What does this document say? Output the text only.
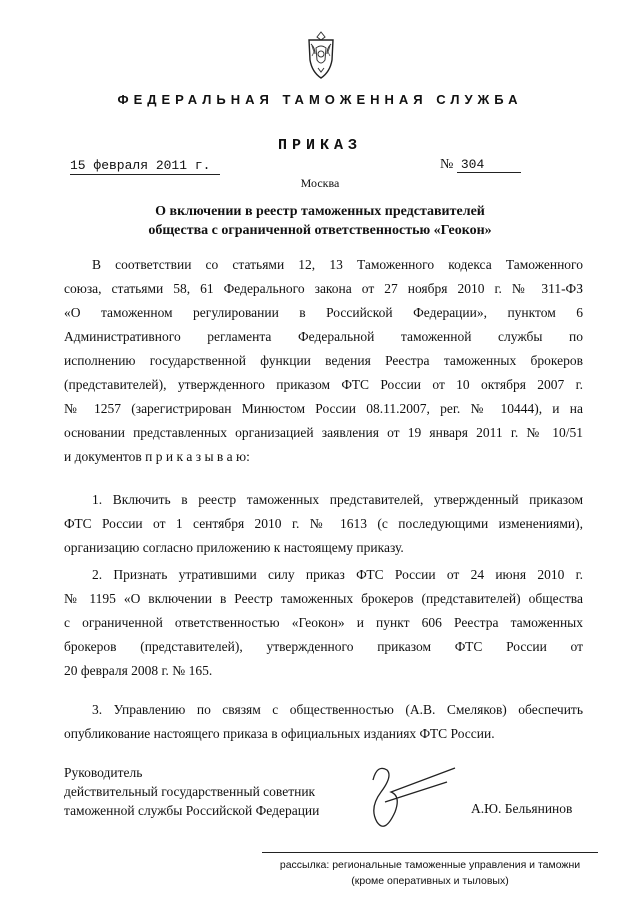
ФЕДЕРАЛЬНАЯ ТАМОЖЕННАЯ СЛУЖБА
ПРИКАЗ
15 февраля 2011 г.	№ 304
Москва
О включении в реестр таможенных представителей
общества с ограниченной ответственностью «Геокон»
В соответствии со статьями 12, 13 Таможенного кодекса Таможенного
союза, статьями 58, 61 Федерального закона от 27 ноября 2010 г. № 311-ФЗ
«О таможенном регулировании в Российской Федерации», пунктом 6
Административного регламента Федеральной таможенной службы по
исполнению государственной функции ведения Реестра таможенных брокеров
(представителей), утвержденного приказом ФТС России от 10 октября 2007 г.
№ 1257 (зарегистрирован Минюстом России 08.11.2007, рег. № 10444), и на
основании представленных организацией заявления от 19 января 2011 г. № 10/51
и документов п р и к а з ы в а ю:
1. Включить в реестр таможенных представителей, утвержденный приказом
ФТС России от 1 сентября 2010 г. № 1613 (с последующими изменениями),
организацию согласно приложению к настоящему приказу.
2. Признать утратившими силу приказ ФТС России от 24 июня 2010 г.
№ 1195 «О включении в Реестр таможенных брокеров (представителей) общества
с ограниченной ответственностью «Геокон» и пункт 606 Реестра таможенных
брокеров (представителей), утвержденного приказом ФТС России от
20 февраля 2008 г. № 165.
3. Управлению по связям с общественностью (А.В. Смеляков) обеспечить
опубликование настоящего приказа в официальных изданиях ФТС России.
Руководитель
действительный государственный советник
таможенной службы Российской Федерации	А.Ю. Бельянинов
рассылка: региональные таможенные управления и таможни
(кроме оперативных и тыловых)
